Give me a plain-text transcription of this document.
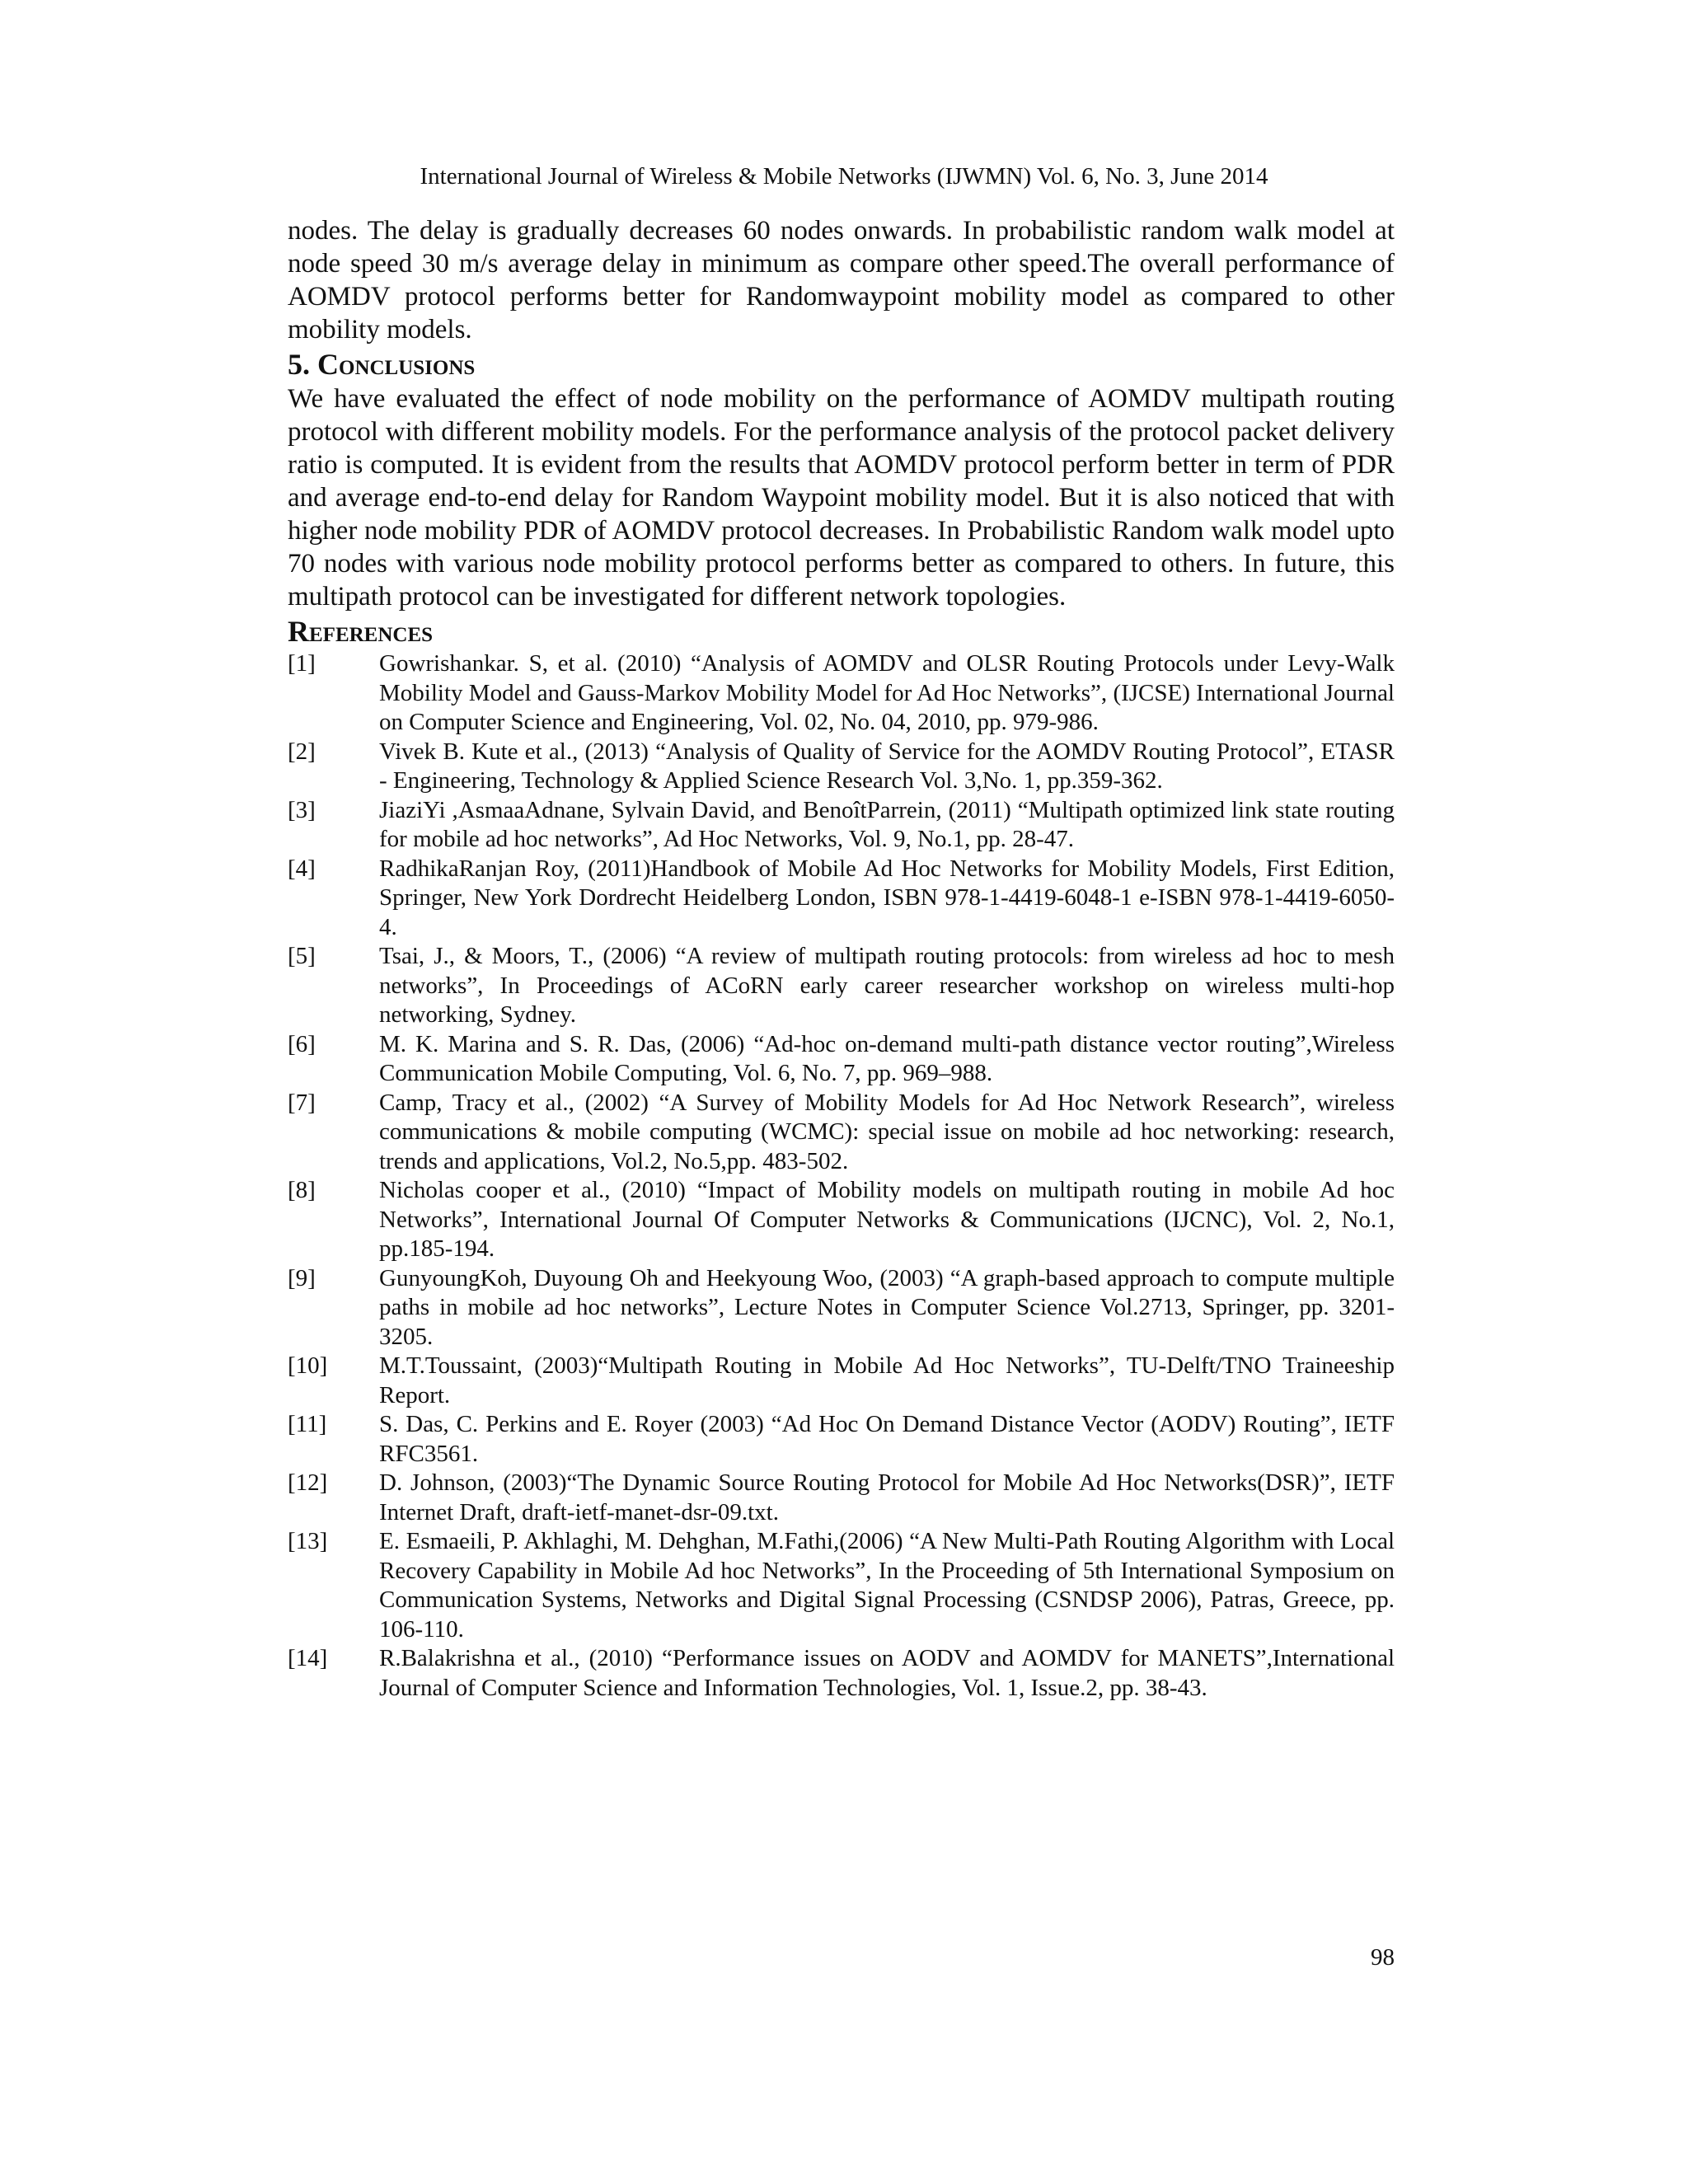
International Journal of Wireless & Mobile Networks (IJWMN) Vol. 6, No. 3, June 2014

nodes. The delay is gradually decreases 60 nodes onwards. In probabilistic random walk model at node speed 30 m/s average delay in minimum as compare other speed.The overall performance of AOMDV protocol performs better for Randomwaypoint mobility model as compared to other mobility models.

5. Conclusions

We have evaluated the effect of node mobility on the performance of AOMDV multipath routing protocol with different mobility models. For the performance analysis of the protocol packet delivery ratio is computed. It is evident from the results that AOMDV protocol perform better in term of PDR and average end-to-end delay for Random Waypoint mobility model. But it is also noticed that with higher node mobility PDR of AOMDV protocol decreases. In Probabilistic Random walk model upto 70 nodes with various node mobility protocol performs better as compared to others. In future, this multipath protocol can be investigated for different network topologies.

References
[1]	Gowrishankar. S, et al. (2010) “Analysis of AOMDV and OLSR Routing Protocols under Levy-Walk Mobility Model and Gauss-Markov Mobility Model for Ad Hoc Networks”, (IJCSE) International Journal on Computer Science and Engineering, Vol. 02, No. 04, 2010, pp. 979-986.
[2]	Vivek B. Kute et al., (2013) “Analysis of Quality of Service for the AOMDV Routing Protocol”, ETASR - Engineering, Technology & Applied Science Research Vol. 3,No. 1, pp.359-362.
[3]	JiaziYi ,AsmaaAdnane, Sylvain David, and BenoîtParrein, (2011) “Multipath optimized link state routing for mobile ad hoc networks”, Ad Hoc Networks, Vol. 9, No.1, pp. 28-47.
[4]	RadhikaRanjan Roy, (2011)Handbook of Mobile Ad Hoc Networks for Mobility Models, First Edition, Springer, New York Dordrecht Heidelberg London, ISBN 978-1-4419-6048-1 e-ISBN 978-1-4419-6050-4.
[5]	Tsai, J., & Moors, T., (2006) “A review of multipath routing protocols: from wireless ad hoc to mesh networks”, In Proceedings of ACoRN early career researcher workshop on wireless multi-hop networking, Sydney.
[6]	M. K. Marina and S. R. Das, (2006) “Ad-hoc on-demand multi-path distance vector routing”,Wireless Communication Mobile Computing, Vol. 6, No. 7, pp. 969–988.
[7]	Camp, Tracy et al., (2002) “A Survey of Mobility Models for Ad Hoc Network Research”, wireless communications & mobile computing (WCMC): special issue on mobile ad hoc networking: research, trends and applications, Vol.2, No.5,pp. 483-502.
[8]	Nicholas cooper et al., (2010) “Impact of Mobility models on multipath routing in mobile Ad hoc Networks”, International Journal Of Computer Networks & Communications (IJCNC), Vol. 2, No.1, pp.185-194.
[9]	GunyoungKoh, Duyoung Oh and Heekyoung Woo, (2003) “A graph-based approach to compute multiple paths in mobile ad hoc networks”, Lecture Notes in Computer Science Vol.2713, Springer, pp. 3201-3205.
[10]	M.T.Toussaint, (2003)“Multipath Routing in Mobile Ad Hoc Networks”, TU-Delft/TNO Traineeship Report.
[11]	S. Das, C. Perkins and E. Royer (2003) “Ad Hoc On Demand Distance Vector (AODV) Routing”, IETF RFC3561.
[12]	D. Johnson, (2003)“The Dynamic Source Routing Protocol for Mobile Ad Hoc Networks(DSR)”, IETF Internet Draft, draft-ietf-manet-dsr-09.txt.
[13]	E. Esmaeili, P. Akhlaghi, M. Dehghan, M.Fathi,(2006) “A New Multi-Path Routing Algorithm with Local Recovery Capability in Mobile Ad hoc Networks”, In the Proceeding of 5th International Symposium on Communication Systems, Networks and Digital Signal Processing (CSNDSP 2006), Patras, Greece, pp. 106-110.
[14]	R.Balakrishna et al., (2010) “Performance issues on AODV and AOMDV for MANETS”,International Journal of Computer Science and Information Technologies, Vol. 1, Issue.2, pp. 38-43.
98
